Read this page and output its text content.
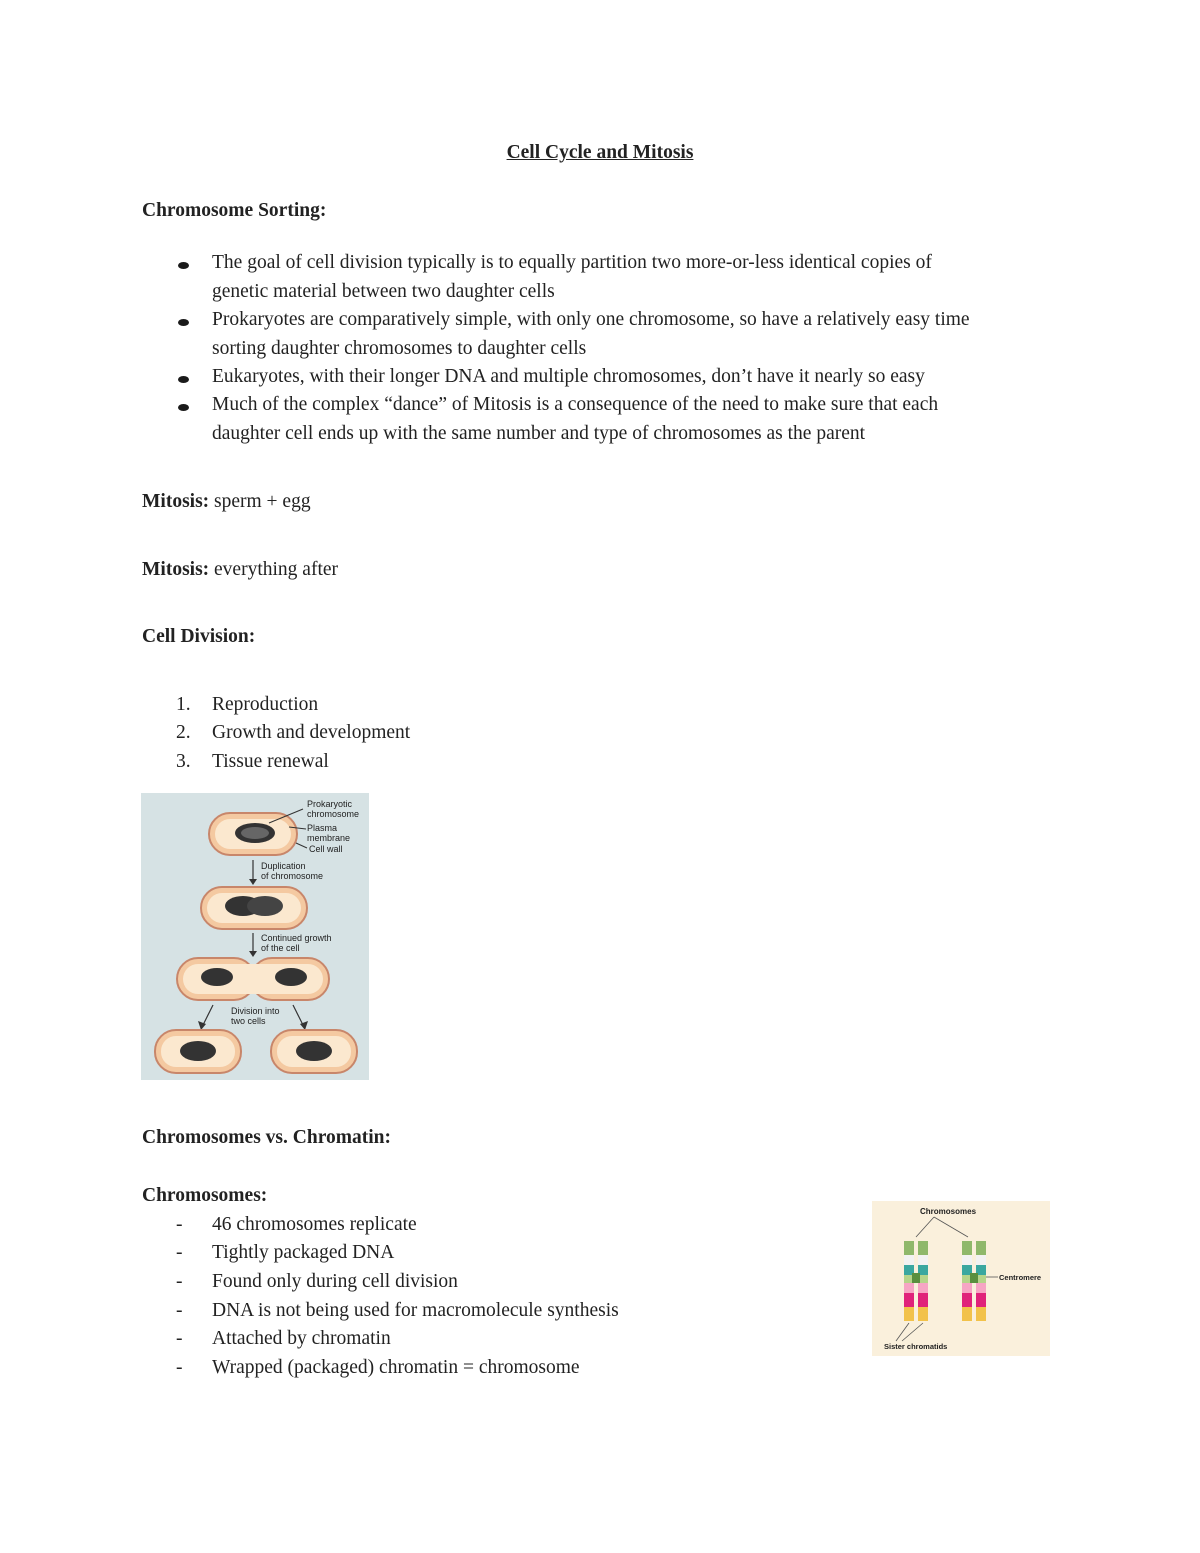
Cell Cycle and Mitosis
Chromosome Sorting:
The goal of cell division typically is to equally partition two more-or-less identical copies of
genetic material between two daughter cells
Prokaryotes are comparatively simple, with only one chromosome, so have a relatively easy time
sorting daughter chromosomes to daughter cells
Eukaryotes, with their longer DNA and multiple chromosomes, don’t have it nearly so easy
Much of the complex “dance” of Mitosis is a consequence of the need to make sure that each
daughter cell ends up with the same number and type of chromosomes as the parent
Mitosis: sperm + egg
Mitosis: everything after
Cell Division:
1. Reproduction
2. Growth and development
3. Tissue renewal
Prokaryotic
chromosome
Plasma
membrane
Cell wall
Duplication
of chromosome
Continued growth
of the cell
Division into
two cells
Chromosomes vs. Chromatin:
Chromosomes:
- 46 chromosomes replicate
- Tightly packaged DNA
- Found only during cell division
- DNA is not being used for macromolecule synthesis
- Attached by chromatin
- Wrapped (packaged) chromatin = chromosome
Chromosomes
Centromere
Sister chromatids
